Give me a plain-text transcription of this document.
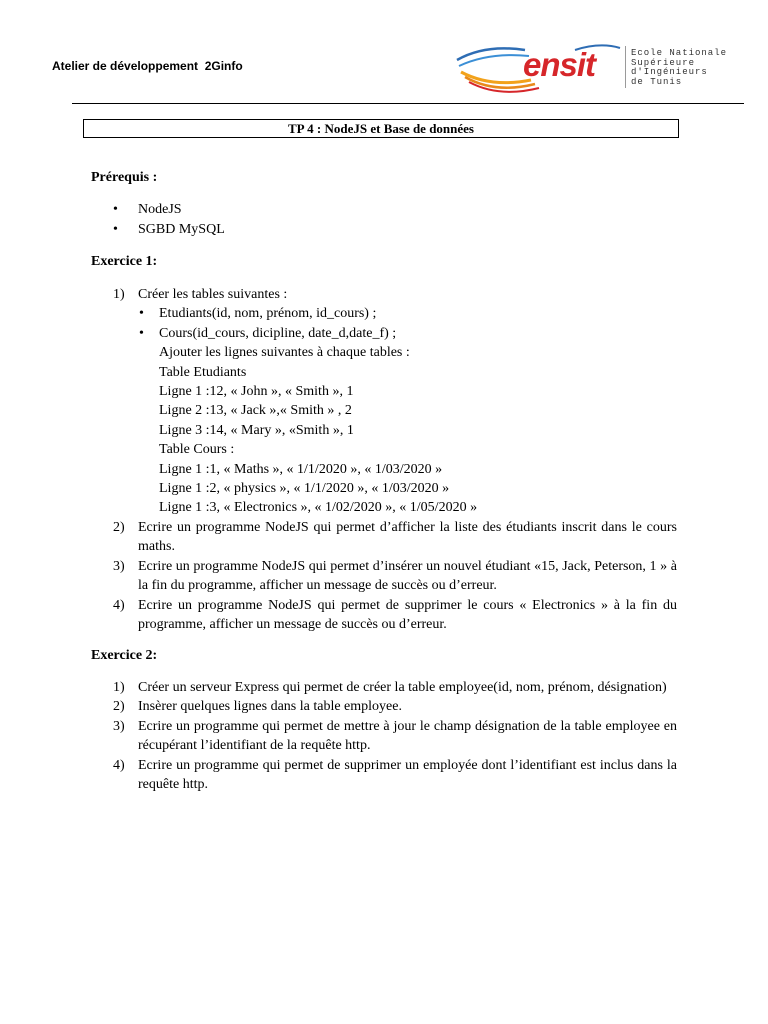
Atelier de développement  2Ginfo	ensit	Ecole Nationale
Supérieure
d'Ingénieurs
de Tunis
TP 4 : NodeJS et Base de données
Prérequis :
• NodeJS
• SGBD MySQL
Exercice 1:
1) Créer les tables suivantes :
• Etudiants(id, nom, prénom, id_cours) ;
• Cours(id_cours, dicipline, date_d,date_f) ;
Ajouter les lignes suivantes à chaque tables :
Table Etudiants
Ligne 1 :12, « John », « Smith », 1
Ligne 2 :13, « Jack »,« Smith » , 2
Ligne 3 :14, « Mary », «Smith », 1
Table Cours :
Ligne 1 :1, « Maths », « 1/1/2020 », « 1/03/2020 »
Ligne 1 :2, « physics », « 1/1/2020 », « 1/03/2020 »
Ligne 1 :3, « Electronics », « 1/02/2020 », « 1/05/2020 »
2) Ecrire un programme NodeJS qui permet d’afficher la liste des étudiants inscrit dans le cours maths.
3) Ecrire un programme NodeJS qui permet d’insérer un nouvel étudiant «15, Jack, Peterson, 1 » à la fin du programme, afficher un message de succès ou d’erreur.
4) Ecrire un programme NodeJS qui permet de supprimer le cours « Electronics » à la fin du programme, afficher un message de succès ou d’erreur.
Exercice 2:
1) Créer un serveur Express qui permet de créer la table employee(id, nom, prénom, désignation)
2) Insèrer quelques lignes dans la table employee.
3) Ecrire un programme qui permet de mettre à jour le champ désignation de la table employee en récupérant l’identifiant de la requête http.
4) Ecrire un programme qui permet de supprimer un employée dont l’identifiant est inclus dans la requête http.
